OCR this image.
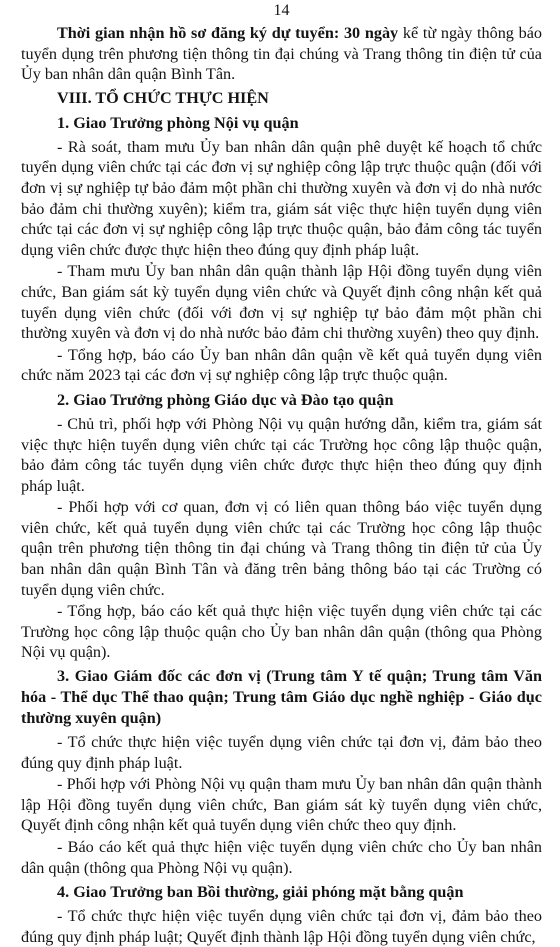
14

Thời gian nhận hồ sơ đăng ký dự tuyển: 30 ngày kể từ ngày thông báo tuyển dụng trên phương tiện thông tin đại chúng và Trang thông tin điện tử của Ủy ban nhân dân quận Bình Tân.

VIII. TỔ CHỨC THỰC HIỆN
1. Giao Trưởng phòng Nội vụ quận

- Rà soát, tham mưu Ủy ban nhân dân quận phê duyệt kế hoạch tổ chức tuyển dụng viên chức tại các đơn vị sự nghiệp công lập trực thuộc quận (đối với đơn vị sự nghiệp tự bảo đảm một phần chi thường xuyên và đơn vị do nhà nước bảo đảm chi thường xuyên); kiểm tra, giám sát việc thực hiện tuyển dụng viên chức tại các đơn vị sự nghiệp công lập trực thuộc quận, bảo đảm công tác tuyển dụng viên chức được thực hiện theo đúng quy định pháp luật.

- Tham mưu Ủy ban nhân dân quận thành lập Hội đồng tuyển dụng viên chức, Ban giám sát kỳ tuyển dụng viên chức và Quyết định công nhận kết quả tuyển dụng viên chức (đối với đơn vị sự nghiệp tự bảo đảm một phần chi thường xuyên và đơn vị do nhà nước bảo đảm chi thường xuyên) theo quy định.

- Tổng hợp, báo cáo Ủy ban nhân dân quận về kết quả tuyển dụng viên chức năm 2023 tại các đơn vị sự nghiệp công lập trực thuộc quận.

2. Giao Trưởng phòng Giáo dục và Đào tạo quận

- Chủ trì, phối hợp với Phòng Nội vụ quận hướng dẫn, kiểm tra, giám sát việc thực hiện tuyển dụng viên chức tại các Trường học công lập thuộc quận, bảo đảm công tác tuyển dụng viên chức được thực hiện theo đúng quy định pháp luật.

- Phối hợp với cơ quan, đơn vị có liên quan thông báo việc tuyển dụng viên chức, kết quả tuyển dụng viên chức tại các Trường học công lập thuộc quận trên phương tiện thông tin đại chúng và Trang thông tin điện tử của Ủy ban nhân dân quận Bình Tân và đăng trên bảng thông báo tại các Trường có tuyển dụng viên chức.

- Tổng hợp, báo cáo kết quả thực hiện việc tuyển dụng viên chức tại các Trường học công lập thuộc quận cho Ủy ban nhân dân quận (thông qua Phòng Nội vụ quận).

3. Giao Giám đốc các đơn vị (Trung tâm Y tế quận; Trung tâm Văn hóa - Thể dục Thể thao quận; Trung tâm Giáo dục nghề nghiệp - Giáo dục thường xuyên quận)

- Tổ chức thực hiện việc tuyển dụng viên chức tại đơn vị, đảm bảo theo đúng quy định pháp luật.

- Phối hợp với Phòng Nội vụ quận tham mưu Ủy ban nhân dân quận thành lập Hội đồng tuyển dụng viên chức, Ban giám sát kỳ tuyển dụng viên chức, Quyết định công nhận kết quả tuyển dụng viên chức theo quy định.

- Báo cáo kết quả thực hiện việc tuyển dụng viên chức cho Ủy ban nhân dân quận (thông qua Phòng Nội vụ quận).

4. Giao Trưởng ban Bồi thường, giải phóng mặt bằng quận

- Tổ chức thực hiện việc tuyển dụng viên chức tại đơn vị, đảm bảo theo đúng quy định pháp luật; Quyết định thành lập Hội đồng tuyển dụng viên chức,
